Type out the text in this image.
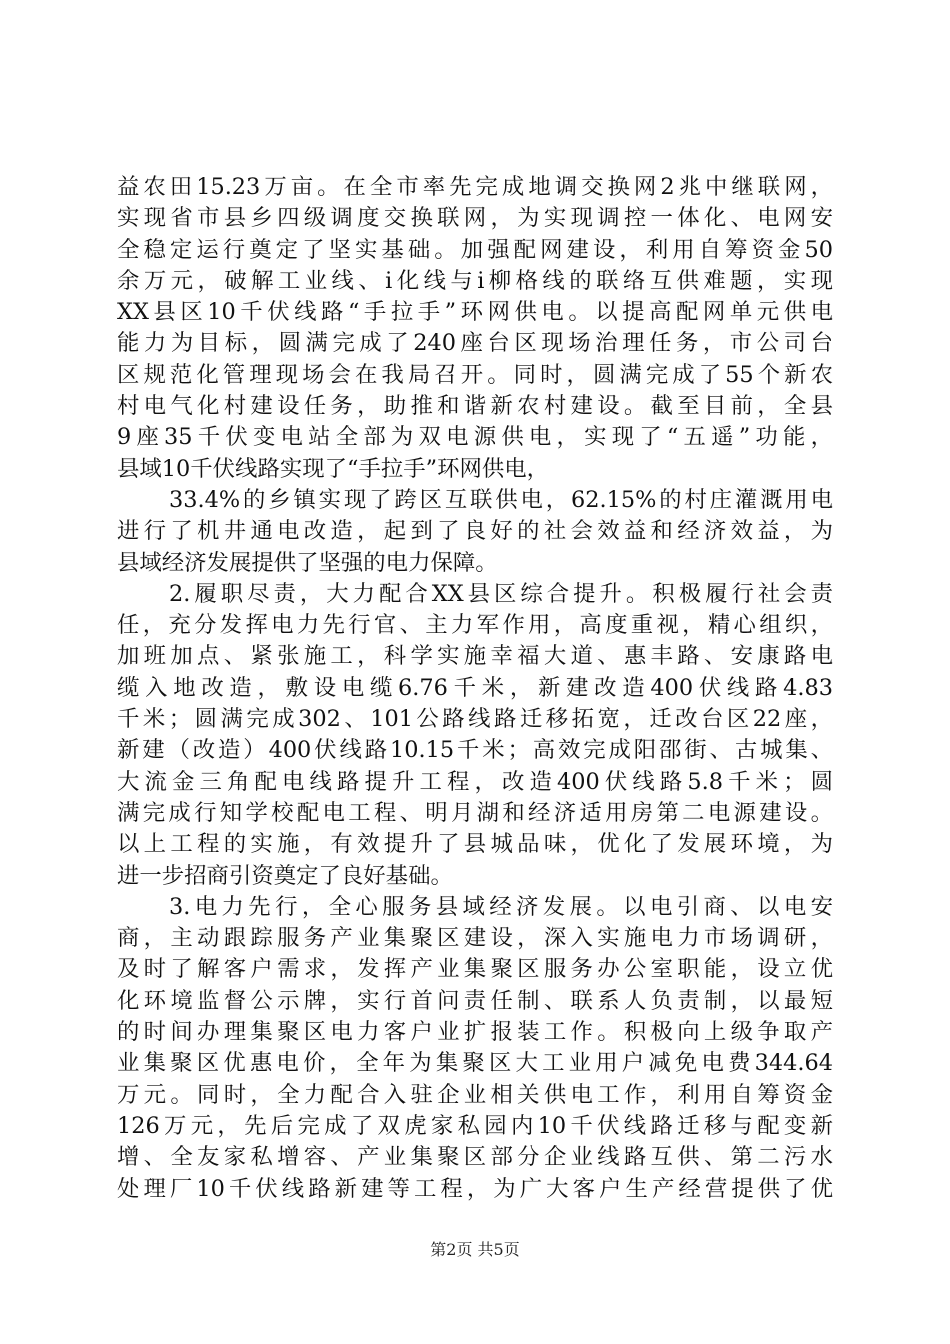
益农田15.23万亩。在全市率先完成地调交换网2兆中继联网，
实现省市县乡四级调度交换联网，为实现调控一体化、电网安
全稳定运行奠定了坚实基础。加强配网建设，利用自筹资金50
余万元，破解工业线、i化线与i柳格线的联络互供难题，实现
XX县区10千伏线路“手拉手”环网供电。以提高配网单元供电
能力为目标，圆满完成了240座台区现场治理任务，市公司台
区规范化管理现场会在我局召开。同时，圆满完成了55个新农
村电气化村建设任务，助推和谐新农村建设。截至目前，全县
9座35千伏变电站全部为双电源供电，实现了“五遥”功能，
县域10千伏线路实现了“手拉手”环网供电，
33.4%的乡镇实现了跨区互联供电，62.15%的村庄灌溉用电
进行了机井通电改造，起到了良好的社会效益和经济效益，为
县域经济发展提供了坚强的电力保障。
2.履职尽责，大力配合XX县区综合提升。积极履行社会责
任，充分发挥电力先行官、主力军作用，高度重视，精心组织，
加班加点、紧张施工，科学实施幸福大道、惠丰路、安康路电
缆入地改造，敷设电缆6.76千米，新建改造400伏线路4.83
千米；圆满完成302、101公路线路迁移拓宽，迁改台区22座，
新建（改造）400伏线路10.15千米；高效完成阳邵街、古城集、
大流金三角配电线路提升工程，改造400伏线路5.8千米；圆
满完成行知学校配电工程、明月湖和经济适用房第二电源建设。
以上工程的实施，有效提升了县城品味，优化了发展环境，为
进一步招商引资奠定了良好基础。
3.电力先行，全心服务县域经济发展。以电引商、以电安
商，主动跟踪服务产业集聚区建设，深入实施电力市场调研，
及时了解客户需求，发挥产业集聚区服务办公室职能，设立优
化环境监督公示牌，实行首问责任制、联系人负责制，以最短
的时间办理集聚区电力客户业扩报装工作。积极向上级争取产
业集聚区优惠电价，全年为集聚区大工业用户减免电费344.64
万元。同时，全力配合入驻企业相关供电工作，利用自筹资金
126万元，先后完成了双虎家私园内10千伏线路迁移与配变新
增、全友家私增容、产业集聚区部分企业线路互供、第二污水
处理厂10千伏线路新建等工程，为广大客户生产经营提供了优
第2页 共5页
